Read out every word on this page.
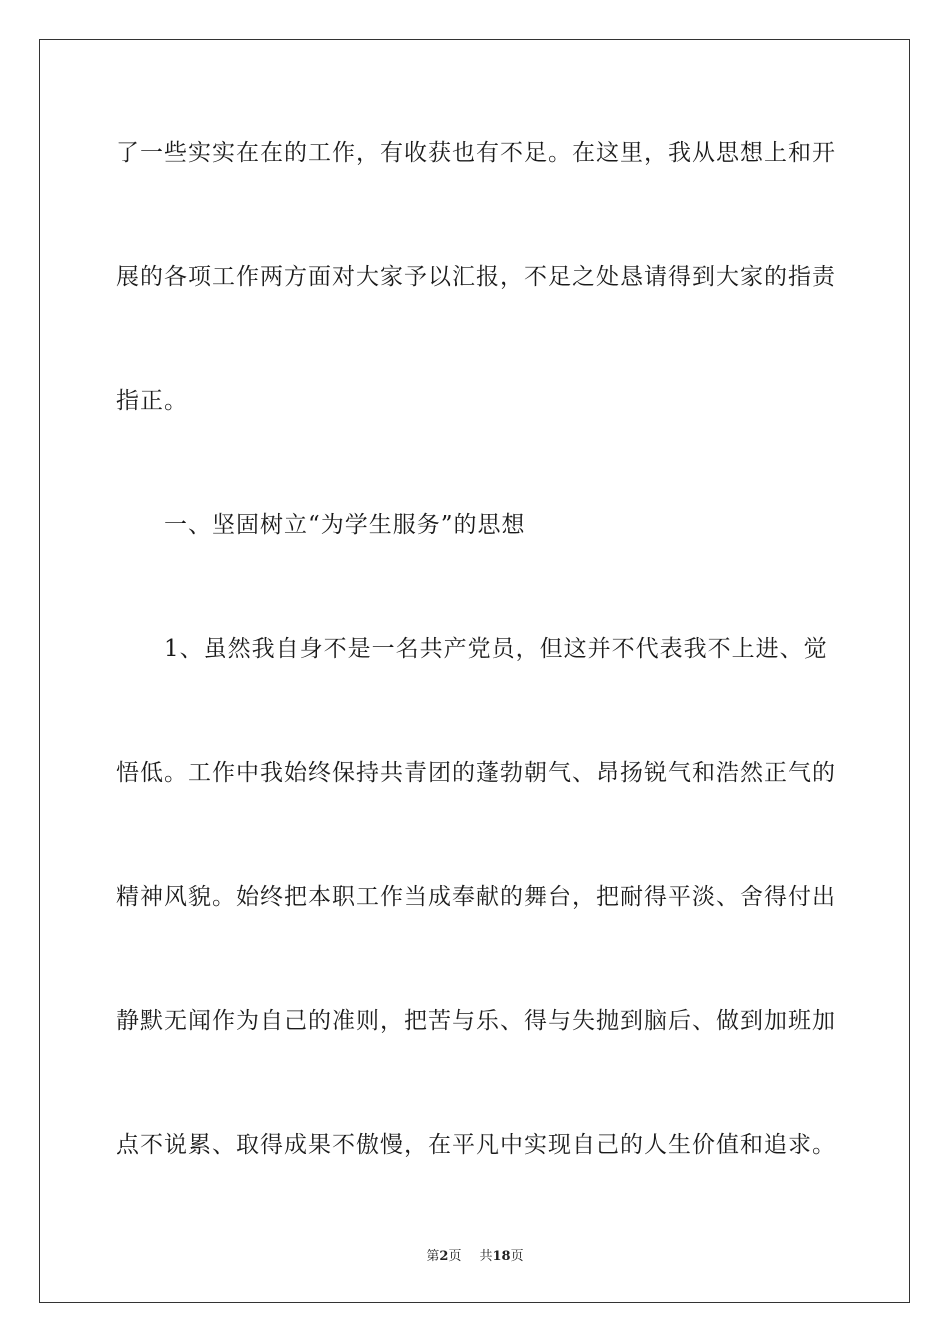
了一些实实在在的工作，有收获也有不足。在这里，我从思想上和开
展的各项工作两方面对大家予以汇报，不足之处恳请得到大家的指责
指正。
一、坚固树立“为学生服务”的思想
1、虽然我自身不是一名共产党员，但这并不代表我不上进、觉
悟低。工作中我始终保持共青团的蓬勃朝气、昂扬锐气和浩然正气的
精神风貌。始终把本职工作当成奉献的舞台，把耐得平淡、舍得付出
静默无闻作为自己的准则，把苦与乐、得与失抛到脑后、做到加班加
点不说累、取得成果不傲慢，在平凡中实现自己的人生价值和追求。
第2页 共18页
